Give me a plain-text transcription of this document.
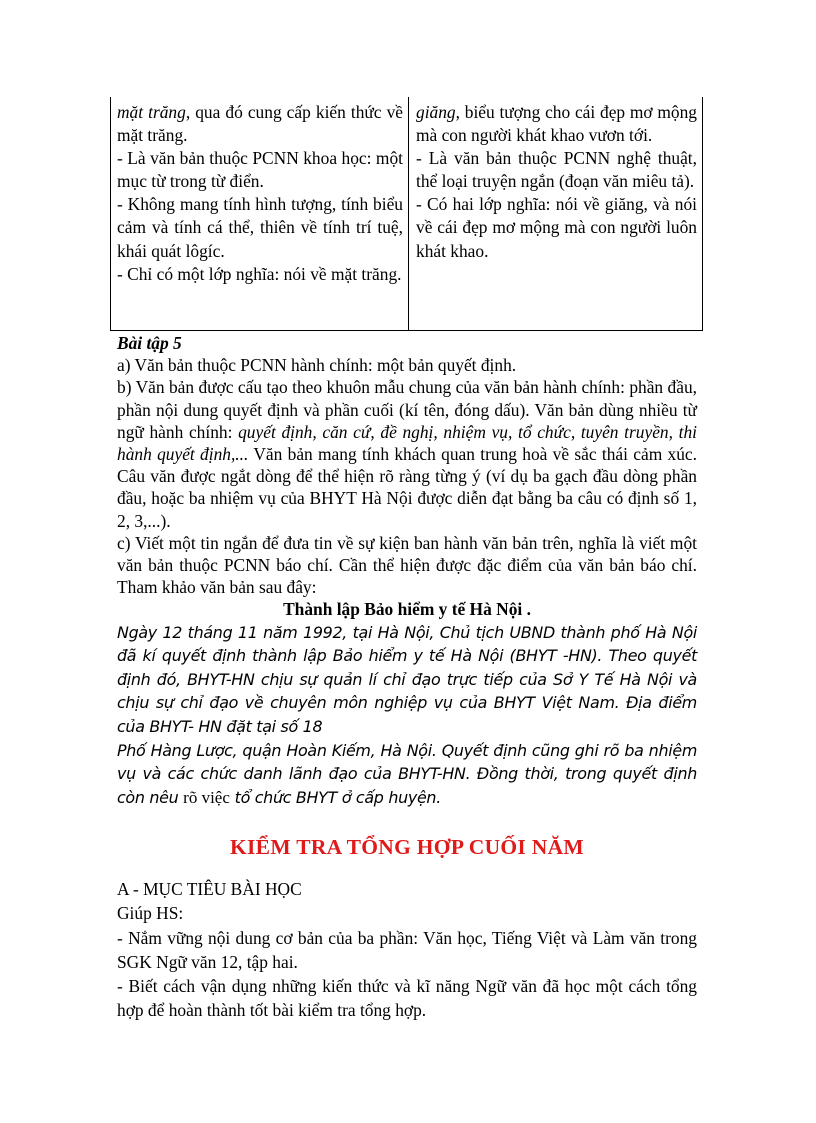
mặt trăng, qua đó cung cấp kiến thức về mặt trăng.

- Là văn bản thuộc PCNN khoa học: một mục từ trong từ điển.

- Không mang tính hình tượng, tính biểu cảm và tính cá thể, thiên về tính trí tuệ, khái quát lôgíc.

- Chỉ có một lớp nghĩa: nói về mặt trăng.

giăng, biểu tượng cho cái đẹp mơ mộng mà con người khát khao vươn tới.

- Là văn bản thuộc PCNN nghệ thuật, thể loại truyện ngắn (đoạn văn miêu tả).

- Có hai lớp nghĩa: nói về giăng, và nói về cái đẹp mơ mộng mà con người luôn khát khao.

Bài tập 5

a) Văn bản thuộc PCNN hành chính: một bản quyết định.

b) Văn bản được cấu tạo theo khuôn mẫu chung của văn bản hành chính: phần đầu, phần nội dung quyết định và phần cuối (kí tên, đóng dấu). Văn bản dùng nhiều từ ngữ hành chính: quyết định, căn cứ, đề nghị, nhiệm vụ, tổ chức, tuyên truyền, thi hành quyết định,... Văn bản mang tính khách quan trung hoà về sắc thái cảm xúc. Câu văn được ngắt dòng để thể hiện rõ ràng từng ý (ví dụ ba gạch đầu dòng phần đầu, hoặc ba nhiệm vụ của BHYT Hà Nội được diễn đạt bằng ba câu có định số 1, 2, 3,...).

c) Viết một tin ngắn để đưa tin về sự kiện ban hành văn bản trên, nghĩa là viết một văn bản thuộc PCNN báo chí. Cần thể hiện được đặc điểm của văn bản báo chí. Tham khảo văn bản sau đây:

Thành lập Bảo hiểm y tế Hà Nội .

Ngày 12 tháng 11 năm 1992, tại Hà Nội, Chủ tịch UBND thành phố Hà Nội đã kí quyết định thành lập Bảo hiểm y tế Hà Nội (BHYT -HN). Theo quyết định đó, BHYT-HN chịu sự quản lí chỉ đạo trực tiếp của Sở Y Tế Hà Nội và chịu sự chỉ đạo về chuyên môn nghiệp vụ của BHYT Việt Nam. Địa điểm của BHYT- HN đặt tại số 18

Phố Hàng Lược, quận Hoàn Kiếm, Hà Nội. Quyết định cũng ghi rõ ba nhiệm vụ và các chức danh lãnh đạo của BHYT-HN. Đồng thời, trong quyết định còn nêu rõ việc tổ chức BHYT ở cấp huyện.

KIỂM TRA TỔNG HỢP CUỐI NĂM

A - MỤC TIÊU BÀI HỌC

Giúp HS:

- Nắm vững nội dung cơ bản của ba phần: Văn học, Tiếng Việt và Làm văn trong SGK Ngữ văn 12, tập hai.

- Biết cách vận dụng những kiến thức và kĩ năng Ngữ văn đã học một cách tổng hợp để hoàn thành tốt bài kiểm tra tổng hợp.
